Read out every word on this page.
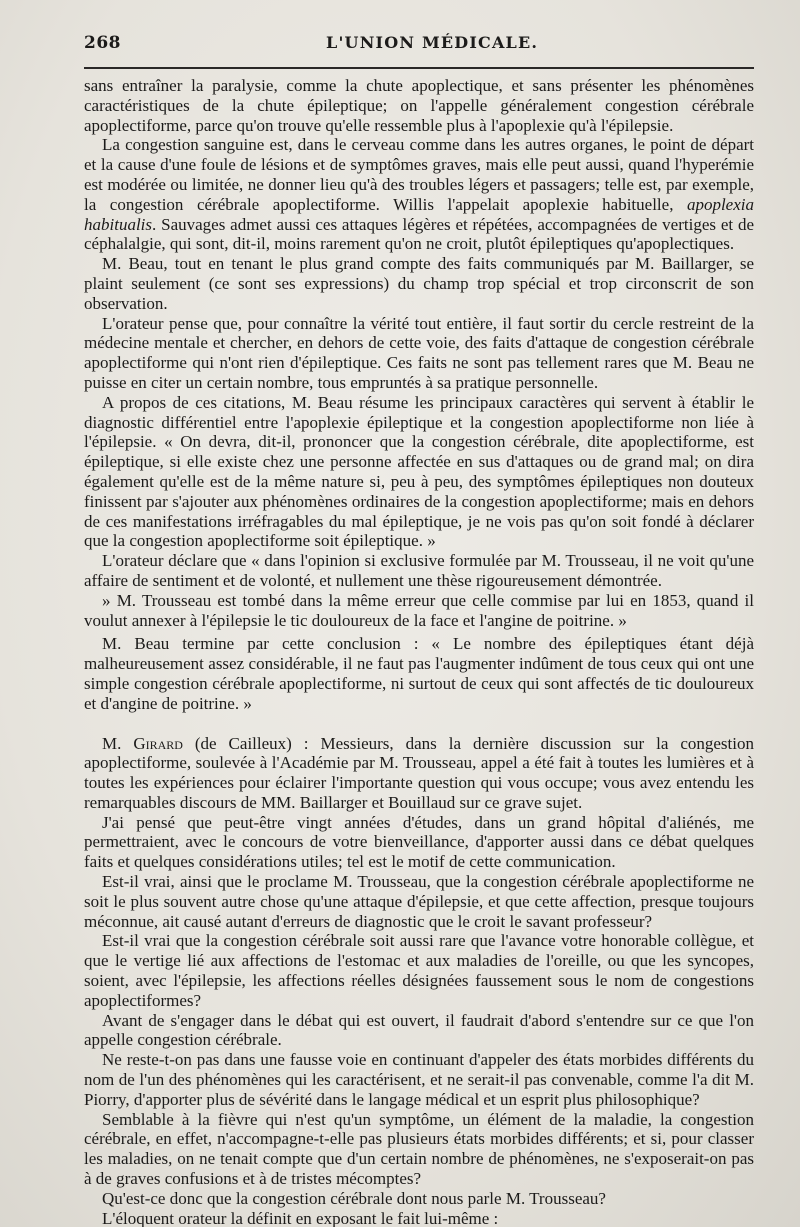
268	L'UNION MÉDICALE.

sans entraîner la paralysie, comme la chute apoplectique, et sans présenter les phénomènes caractéristiques de la chute épileptique; on l'appelle généralement congestion cérébrale apoplectiforme, parce qu'on trouve qu'elle ressemble plus à l'apoplexie qu'à l'épilepsie.

La congestion sanguine est, dans le cerveau comme dans les autres organes, le point de départ et la cause d'une foule de lésions et de symptômes graves, mais elle peut aussi, quand l'hyperémie est modérée ou limitée, ne donner lieu qu'à des troubles légers et passagers; telle est, par exemple, la congestion cérébrale apoplectiforme. Willis l'appelait apoplexie habituelle, apoplexia habitualis. Sauvages admet aussi ces attaques légères et répétées, accompagnées de vertiges et de céphalalgie, qui sont, dit-il, moins rarement qu'on ne croit, plutôt épileptiques qu'apoplectiques.

M. Beau, tout en tenant le plus grand compte des faits communiqués par M. Baillarger, se plaint seulement (ce sont ses expressions) du champ trop spécial et trop circonscrit de son observation.

L'orateur pense que, pour connaître la vérité tout entière, il faut sortir du cercle restreint de la médecine mentale et chercher, en dehors de cette voie, des faits d'attaque de congestion cérébrale apoplectiforme qui n'ont rien d'épileptique. Ces faits ne sont pas tellement rares que M. Beau ne puisse en citer un certain nombre, tous empruntés à sa pratique personnelle.

A propos de ces citations, M. Beau résume les principaux caractères qui servent à établir le diagnostic différentiel entre l'apoplexie épileptique et la congestion apoplectiforme non liée à l'épilepsie. « On devra, dit-il, prononcer que la congestion cérébrale, dite apoplectiforme, est épileptique, si elle existe chez une personne affectée en sus d'attaques ou de grand mal; on dira également qu'elle est de la même nature si, peu à peu, des symptômes épileptiques non douteux finissent par s'ajouter aux phénomènes ordinaires de la congestion apoplectiforme; mais en dehors de ces manifestations irréfragables du mal épileptique, je ne vois pas qu'on soit fondé à déclarer que la congestion apoplectiforme soit épileptique. »

L'orateur déclare que « dans l'opinion si exclusive formulée par M. Trousseau, il ne voit qu'une affaire de sentiment et de volonté, et nullement une thèse rigoureusement démontrée.

» M. Trousseau est tombé dans la même erreur que celle commise par lui en 1853, quand il voulut annexer à l'épilepsie le tic douloureux de la face et l'angine de poitrine. »

M. Beau termine par cette conclusion : « Le nombre des épileptiques étant déjà malheureusement assez considérable, il ne faut pas l'augmenter indûment de tous ceux qui ont une simple congestion cérébrale apoplectiforme, ni surtout de ceux qui sont affectés de tic douloureux et d'angine de poitrine. »

M. Girard (de Cailleux) : Messieurs, dans la dernière discussion sur la congestion apoplectiforme, soulevée à l'Académie par M. Trousseau, appel a été fait à toutes les lumières et à toutes les expériences pour éclairer l'importante question qui vous occupe; vous avez entendu les remarquables discours de MM. Baillarger et Bouillaud sur ce grave sujet.

J'ai pensé que peut-être vingt années d'études, dans un grand hôpital d'aliénés, me permettraient, avec le concours de votre bienveillance, d'apporter aussi dans ce débat quelques faits et quelques considérations utiles; tel est le motif de cette communication.

Est-il vrai, ainsi que le proclame M. Trousseau, que la congestion cérébrale apoplectiforme ne soit le plus souvent autre chose qu'une attaque d'épilepsie, et que cette affection, presque toujours méconnue, ait causé autant d'erreurs de diagnostic que le croit le savant professeur?

Est-il vrai que la congestion cérébrale soit aussi rare que l'avance votre honorable collègue, et que le vertige lié aux affections de l'estomac et aux maladies de l'oreille, ou que les syncopes, soient, avec l'épilepsie, les affections réelles désignées faussement sous le nom de congestions apoplectiformes?

Avant de s'engager dans le débat qui est ouvert, il faudrait d'abord s'entendre sur ce que l'on appelle congestion cérébrale.

Ne reste-t-on pas dans une fausse voie en continuant d'appeler des états morbides différents du nom de l'un des phénomènes qui les caractérisent, et ne serait-il pas convenable, comme l'a dit M. Piorry, d'apporter plus de sévérité dans le langage médical et un esprit plus philosophique?

Semblable à la fièvre qui n'est qu'un symptôme, un élément de la maladie, la congestion cérébrale, en effet, n'accompagne-t-elle pas plusieurs états morbides différents; et si, pour classer les maladies, on ne tenait compte que d'un certain nombre de phénomènes, ne s'exposerait-on pas à de graves confusions et à de tristes mécomptes?

Qu'est-ce donc que la congestion cérébrale dont nous parle M. Trousseau?

L'éloquent orateur la définit en exposant le fait lui-même :
